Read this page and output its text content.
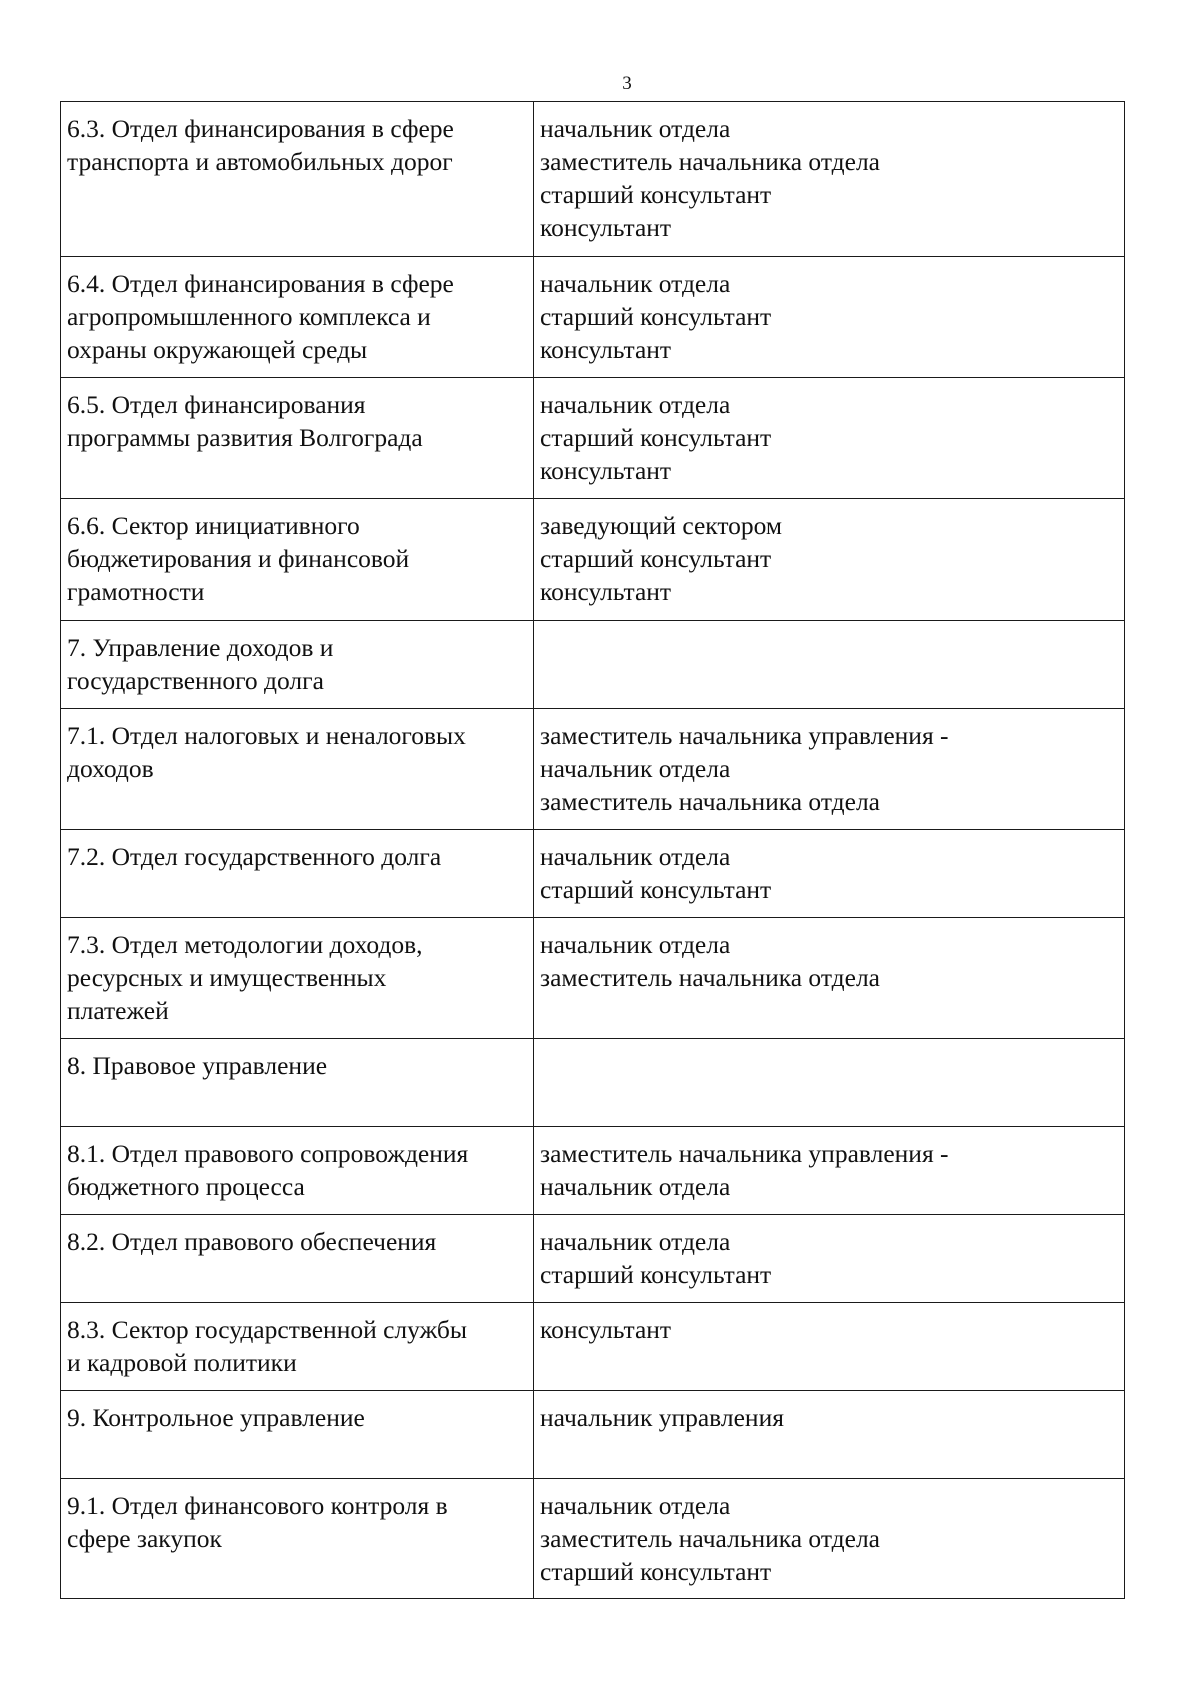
3
6.3. Отдел финансирования в сфере
транспорта и автомобильных дорог	начальник отдела
заместитель начальника отдела
старший консультант
консультант

6.4. Отдел финансирования в сфере
агропромышленного комплекса и
охраны окружающей среды	начальник отдела
старший консультант
консультант

6.5. Отдел финансирования
программы развития Волгограда	начальник отдела
старший консультант
консультант

6.6. Сектор инициативного
бюджетирования и финансовой
грамотности	заведующий сектором
старший консультант
консультант

7. Управление доходов и
государственного долга	

7.1. Отдел налоговых и неналоговых
доходов	заместитель начальника управления -
начальник отдела
заместитель начальника отдела

7.2. Отдел государственного долга	начальник отдела
старший консультант

7.3. Отдел методологии доходов,
ресурсных и имущественных
платежей	начальник отдела
заместитель начальника отдела

8. Правовое управление	

8.1. Отдел правового сопровождения
бюджетного процесса	заместитель начальника управления -
начальник отдела

8.2. Отдел правового обеспечения	начальник отдела
старший консультант

8.3. Сектор государственной службы
и кадровой политики	консультант

9. Контрольное управление	начальник управления

9.1. Отдел финансового контроля в
сфере закупок	начальник отдела
заместитель начальника отдела
старший консультант
